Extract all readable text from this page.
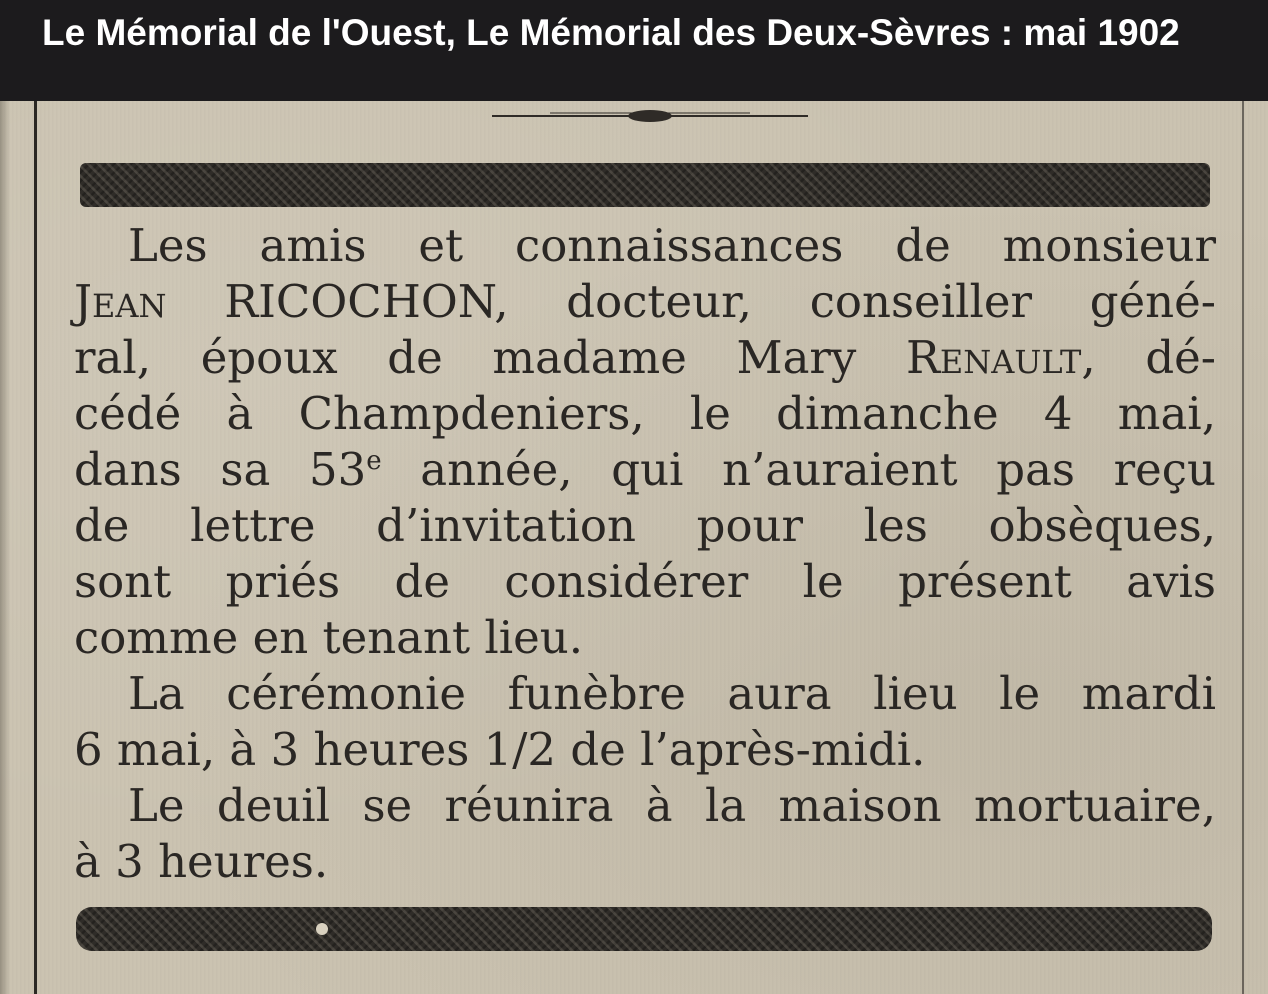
Le Mémorial de l'Ouest, Le Mémorial des Deux-Sèvres : mai 1902
Les amis et connaissances de monsieur
Jean RICOCHON, docteur, conseiller géné-
ral, époux de madame Mary Renault, dé-
cédé à Champdeniers, le dimanche 4 mai,
dans sa 53e année, qui n’auraient pas reçu
de lettre d’invitation pour les obsèques,
sont priés de considérer le présent avis
comme en tenant lieu.
La cérémonie funèbre aura lieu le mardi
6 mai, à 3 heures 1/2 de l’après-midi.
Le deuil se réunira à la maison mortuaire,
à 3 heures.
